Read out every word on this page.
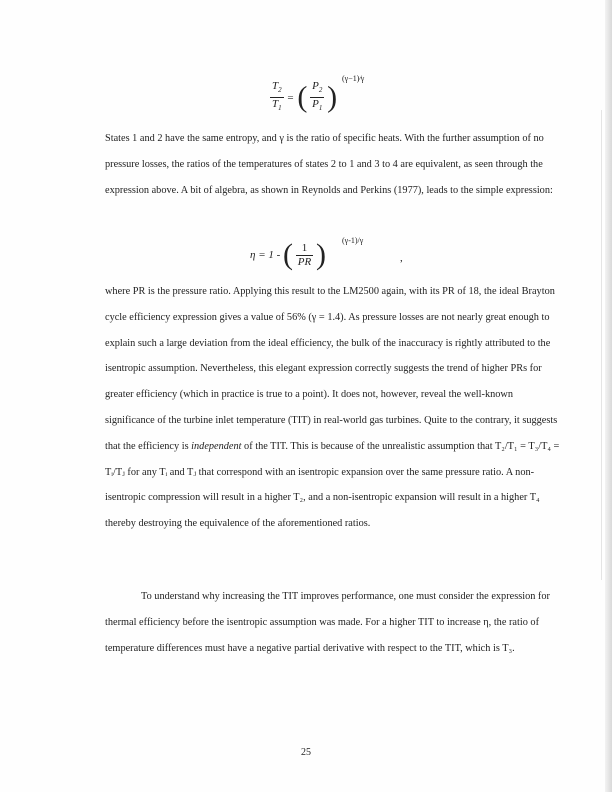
$\frac{T_2}{T_1}$ = ( $\frac{P_2}{P_1}$ )
(γ−1)⁄γ

States 1 and 2 have the same entropy, and γ is the ratio of specific heats. With the further assumption of no pressure losses, the ratios of the temperatures of states 2 to 1 and 3 to 4 are equivalent, as seen through the expression above. A bit of algebra, as shown in Reynolds and Perkins (1977), leads to the simple expression:

η = 1 - ( $\frac{1}{PR}$ ) (γ-1)/γ
,

where PR is the pressure ratio. Applying this result to the LM2500 again, with its PR of 18, the ideal Brayton cycle efficiency expression gives a value of 56% (γ = 1.4). As pressure losses are not nearly great enough to explain such a large deviation from the ideal efficiency, the bulk of the inaccuracy is rightly attributed to the isentropic assumption. Nevertheless, this elegant expression correctly suggests the trend of higher PRs for greater efficiency (which in practice is true to a point). It does not, however, reveal the well-known significance of the turbine inlet temperature (TIT) in real-world gas turbines. Quite to the contrary, it suggests that the efficiency is independent of the TIT. This is because of the unrealistic assumption that T₂/T₁ = T₃/T₄ = Tᵢ/Tⱼ for any Tᵢ and Tⱼ that correspond with an isentropic expansion over the same pressure ratio. A non-isentropic compression will result in a higher T₂, and a non-isentropic expansion will result in a higher T₄ thereby destroying the equivalence of the aforementioned ratios.

To understand why increasing the TIT improves performance, one must consider the expression for thermal efficiency before the isentropic assumption was made. For a higher TIT to increase η, the ratio of temperature differences must have a negative partial derivative with respect to the TIT, which is T₃.

25
